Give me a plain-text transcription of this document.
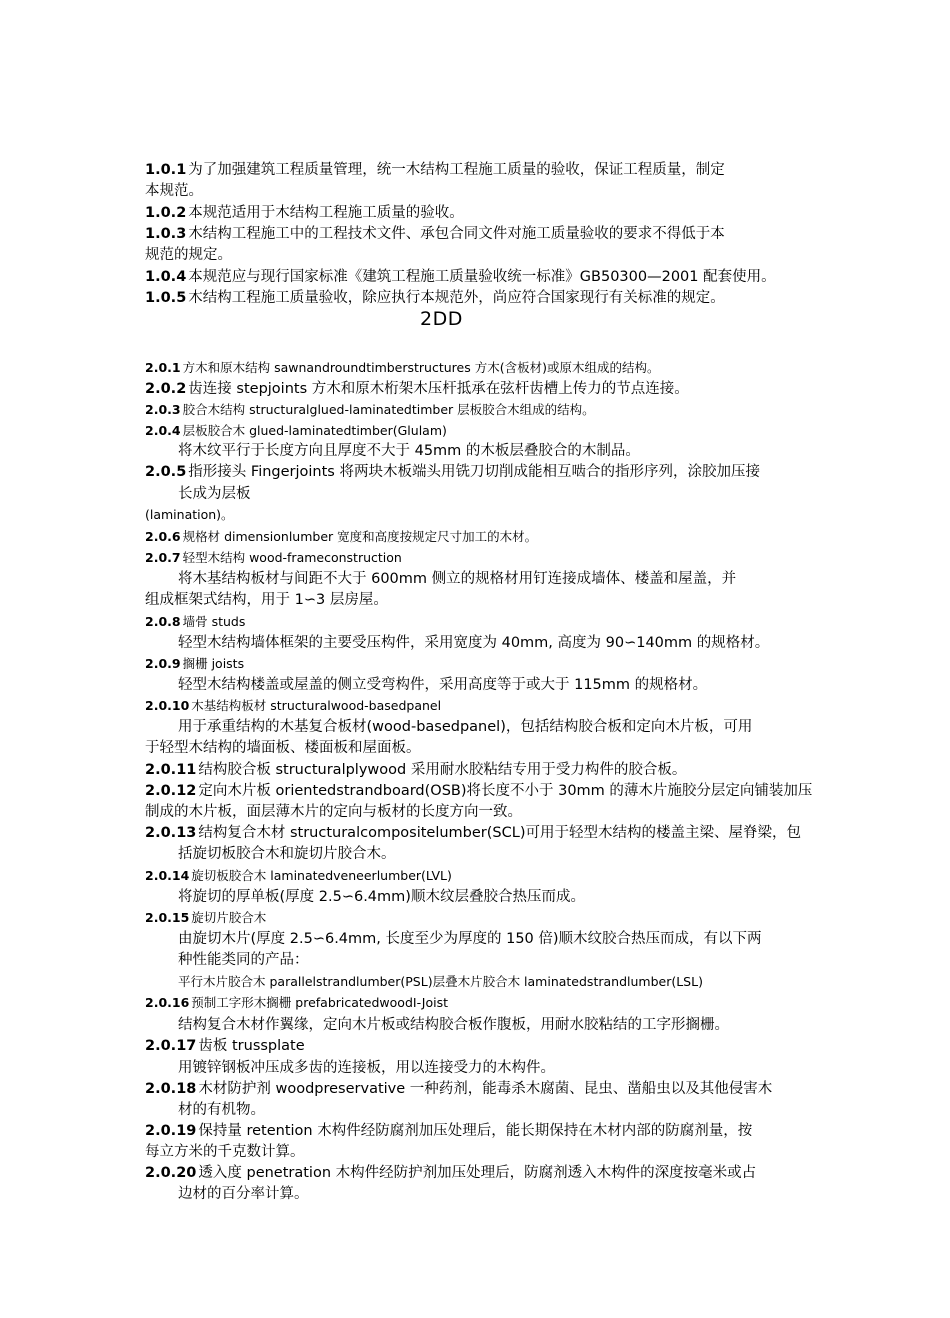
1.0.1 为了加强建筑工程质量管理，统一木结构工程施工质量的验收，保证工程质量，制定
本规范。
1.0.2 本规范适用于木结构工程施工质量的验收。
1.0.3 木结构工程施工中的工程技术文件、承包合同文件对施工质量验收的要求不得低于本
规范的规定。
1.0.4 本规范应与现行国家标准《建筑工程施工质量验收统一标准》GB50300—2001 配套使用。
1.0.5 木结构工程施工质量验收，除应执行本规范外，尚应符合国家现行有关标准的规定。
2DD
2.0.1 方木和原木结构 sawnandroundtimberstructures 方木(含板材)或原木组成的结构。
2.0.2 齿连接 stepjoints 方木和原木桁架木压杆抵承在弦杆齿槽上传力的节点连接。
2.0.3 胶合木结构 structuralglued-laminatedtimber 层板胶合木组成的结构。
2.0.4 层板胶合木 glued-laminatedtimber(Glulam)
将木纹平行于长度方向且厚度不大于 45mm 的木板层叠胶合的木制品。
2.0.5 指形接头 Fingerjoints 将两块木板端头用铣刀切削成能相互啮合的指形序列，涂胶加压接
长成为层板
(lamination)。
2.0.6 规格材 dimensionlumber 宽度和高度按规定尺寸加工的木材。
2.0.7 轻型木结构 wood-frameconstruction
将木基结构板材与间距不大于 600mm 侧立的规格材用钉连接成墙体、楼盖和屋盖，并
组成框架式结构，用于 1∽3 层房屋。
2.0.8 墙骨 studs
轻型木结构墙体框架的主要受压构件，采用宽度为 40mm, 高度为 90∽140mm 的规格材。
2.0.9 搁栅 joists
轻型木结构楼盖或屋盖的侧立受弯构件，采用高度等于或大于 115mm 的规格材。
2.0.10 木基结构板材 structuralwood-basedpanel
用于承重结构的木基复合板材(wood-basedpanel)，包括结构胶合板和定向木片板，可用
于轻型木结构的墙面板、楼面板和屋面板。
2.0.11 结构胶合板 structuralplywood 采用耐水胶粘结专用于受力构件的胶合板。
2.0.12 定向木片板 orientedstrandboard(OSB)将长度不小于 30mm 的薄木片施胶分层定向铺装加压
制成的木片板，面层薄木片的定向与板材的长度方向一致。
2.0.13 结构复合木材 structuralcompositelumber(SCL)可用于轻型木结构的楼盖主梁、屋脊梁，包
括旋切板胶合木和旋切片胶合木。
2.0.14 旋切板胶合木 laminatedveneerlumber(LVL)
将旋切的厚单板(厚度 2.5∽6.4mm)顺木纹层叠胶合热压而成。
2.0.15 旋切片胶合木
由旋切木片(厚度 2.5∽6.4mm, 长度至少为厚度的 150 倍)顺木纹胶合热压而成，有以下两
种性能类同的产品：
平行木片胶合木 parallelstrandlumber(PSL)层叠木片胶合木 laminatedstrandlumber(LSL)
2.0.16 预制工字形木搁栅 prefabricatedwoodI-Joist
结构复合木材作翼缘，定向木片板或结构胶合板作腹板，用耐水胶粘结的工字形搁栅。
2.0.17 齿板 trussplate
用镀锌钢板冲压成多齿的连接板，用以连接受力的木构件。
2.0.18 木材防护剂 woodpreservative 一种药剂，能毒杀木腐菌、昆虫、凿船虫以及其他侵害木
材的有机物。
2.0.19 保持量 retention 木构件经防腐剂加压处理后，能长期保持在木材内部的防腐剂量，按
每立方米的千克数计算。
2.0.20 透入度 penetration 木构件经防护剂加压处理后，防腐剂透入木构件的深度按毫米或占
边材的百分率计算。
